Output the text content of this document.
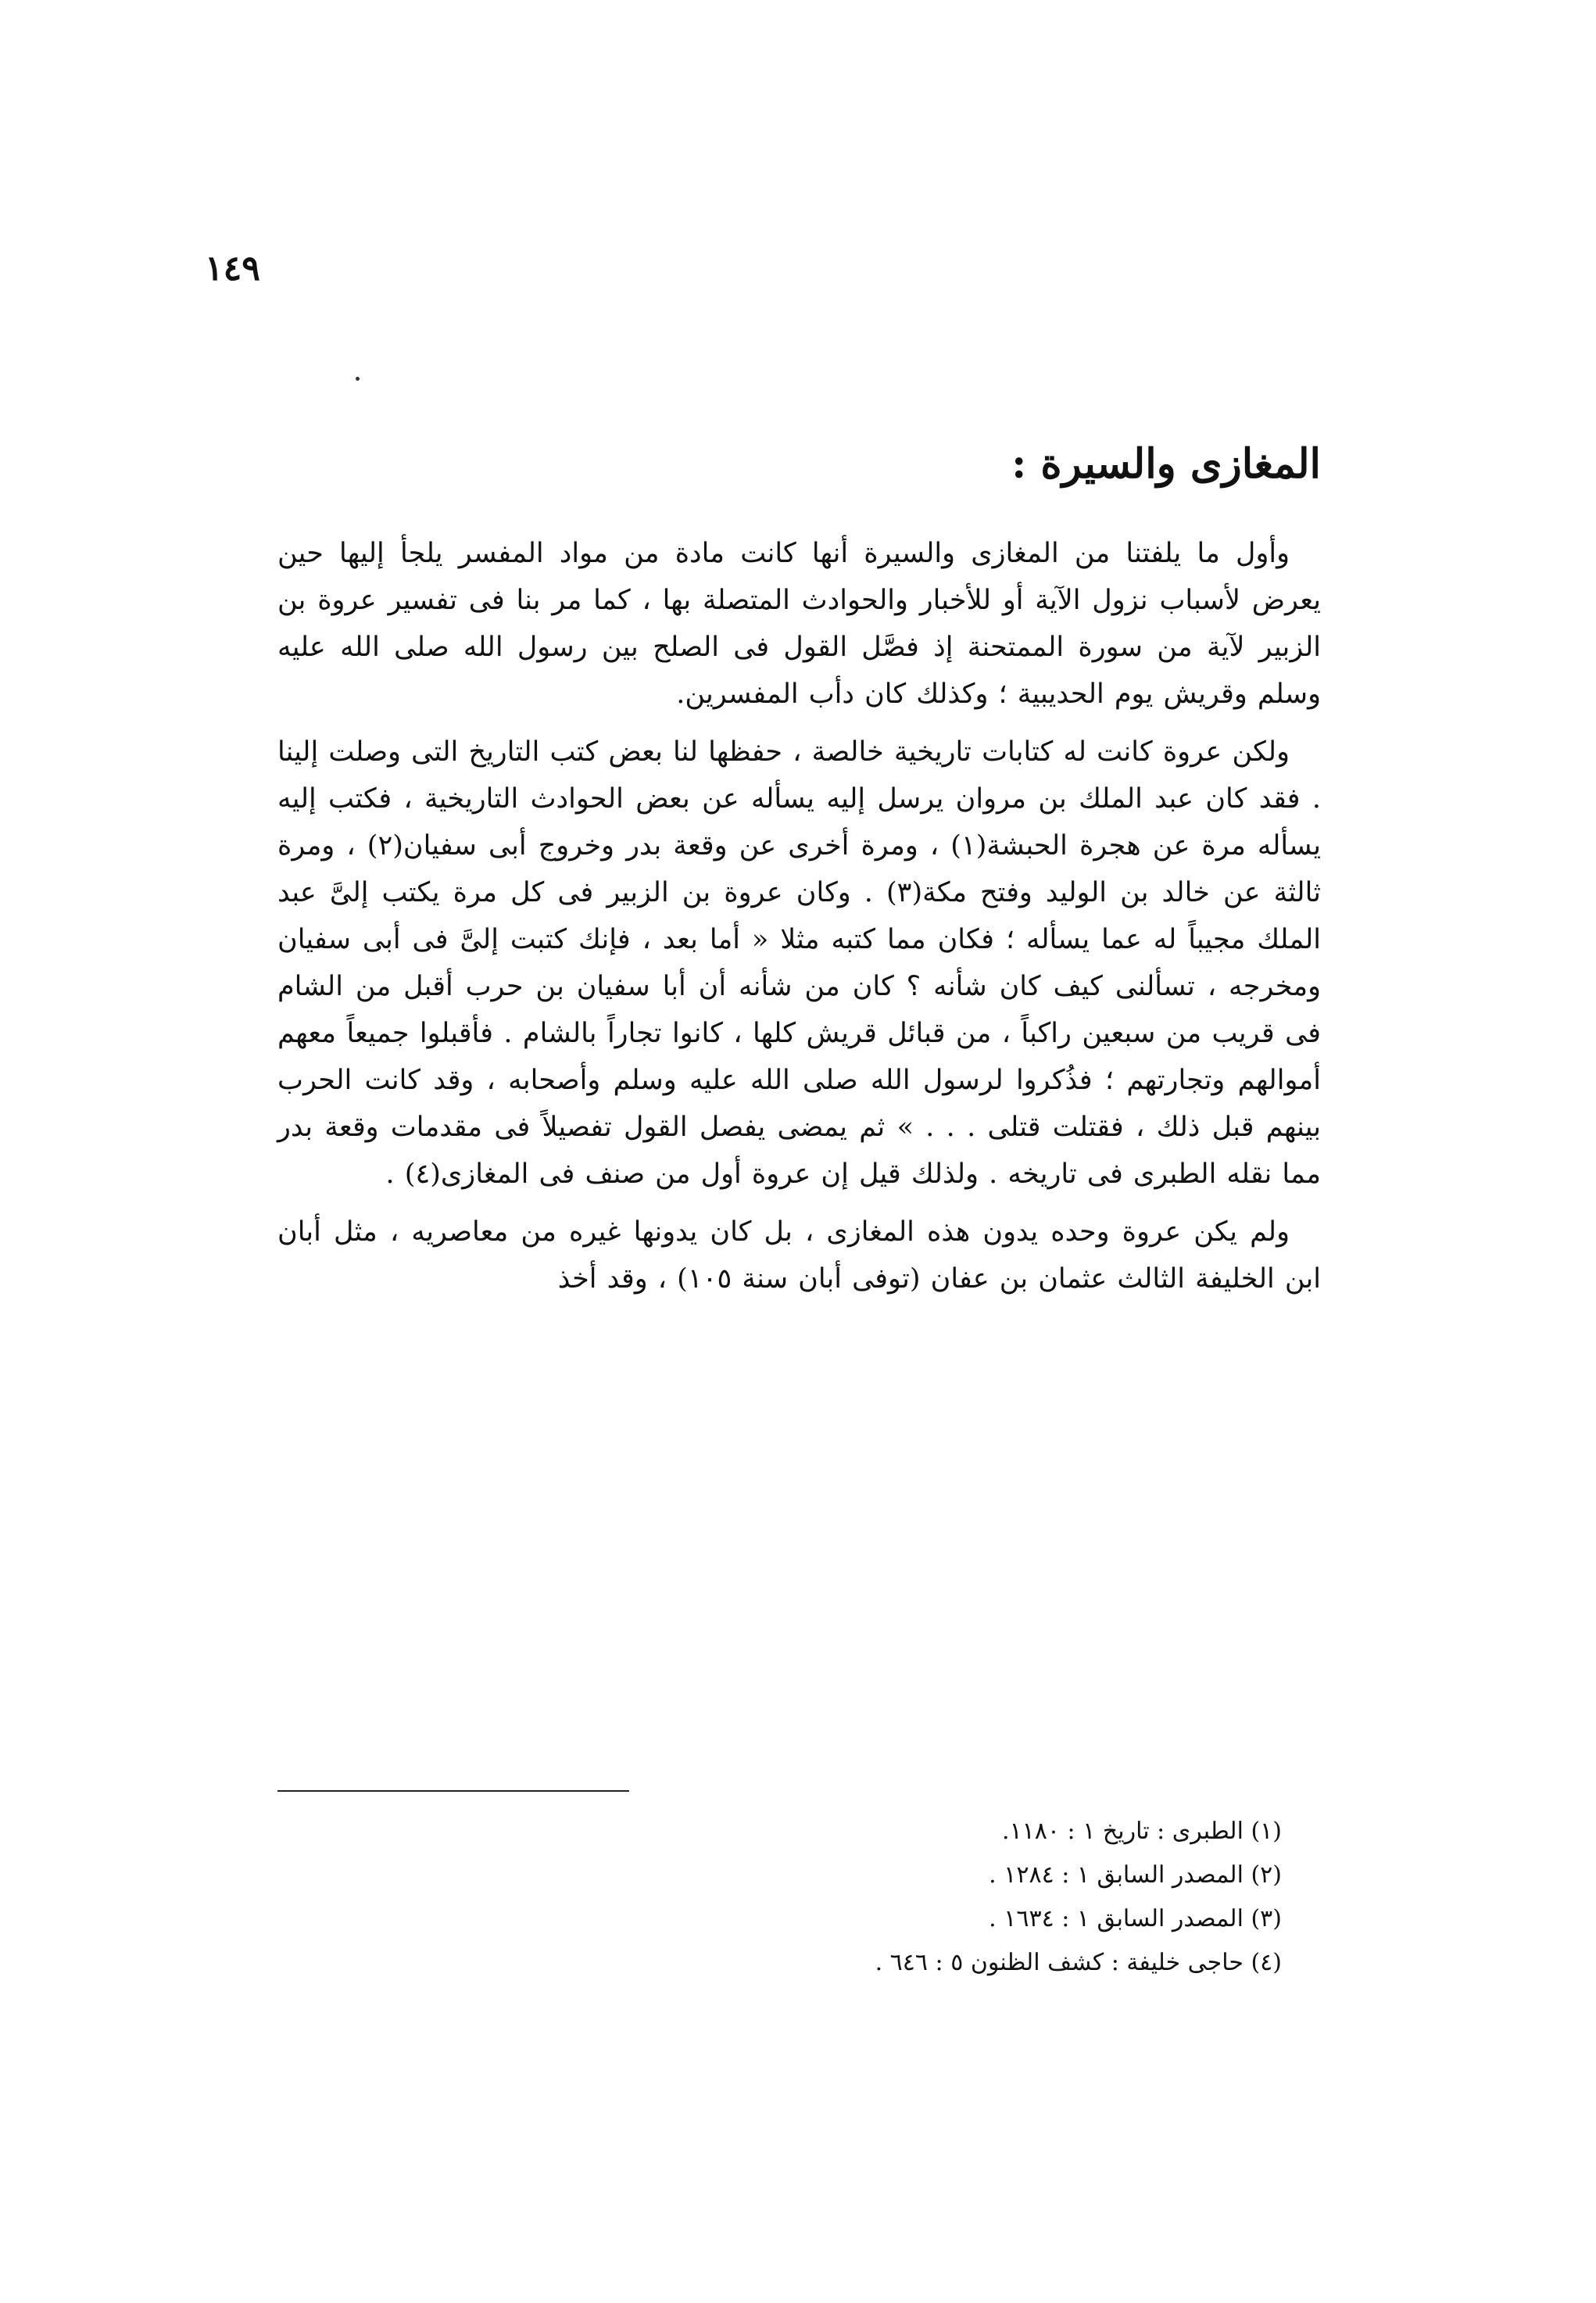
١٤٩
المغازى والسيرة :

وأول ما يلفتنا من المغازى والسيرة أنها كانت مادة من مواد المفسر يلجأ إليها حين يعرض لأسباب نزول الآية أو للأخبار والحوادث المتصلة بها ، كما مر بنا فى تفسير عروة بن الزبير لآية من سورة الممتحنة إذ فصَّل القول فى الصلح بين رسول الله صلى الله عليه وسلم وقريش يوم الحديبية ؛ وكذلك كان دأب المفسرين.

ولكن عروة كانت له كتابات تاريخية خالصة ، حفظها لنا بعض كتب التاريخ التى وصلت إلينا . فقد كان عبد الملك بن مروان يرسل إليه يسأله عن بعض الحوادث التاريخية ، فكتب إليه يسأله مرة عن هجرة الحبشة(١) ، ومرة أخرى عن وقعة بدر وخروج أبى سفيان(٢) ، ومرة ثالثة عن خالد بن الوليد وفتح مكة(٣) . وكان عروة بن الزبير فى كل مرة يكتب إلىَّ عبد الملك مجيباً له عما يسأله ؛ فكان مما كتبه مثلا « أما بعد ، فإنك كتبت إلىَّ فى أبى سفيان ومخرجه ، تسألنى كيف كان شأنه ؟ كان من شأنه أن أبا سفيان بن حرب أقبل من الشام فى قريب من سبعين راكباً ، من قبائل قريش كلها ، كانوا تجاراً بالشام . فأقبلوا جميعاً معهم أموالهم وتجارتهم ؛ فذُكروا لرسول الله صلى الله عليه وسلم وأصحابه ، وقد كانت الحرب بينهم قبل ذلك ، فقتلت قتلى . . . » ثم يمضى يفصل القول تفصيلاً فى مقدمات وقعة بدر مما نقله الطبرى فى تاريخه . ولذلك قيل إن عروة أول من صنف فى المغازى(٤) .

ولم يكن عروة وحده يدون هذه المغازى ، بل كان يدونها غيره من معاصريه ، مثل أبان ابن الخليفة الثالث عثمان بن عفان (توفى أبان سنة ١٠٥) ، وقد أخذ

(١) الطبرى : تاريخ ١ : ١١٨٠.
(٢) المصدر السابق ١ : ١٢٨٤ .
(٣) المصدر السابق ١ : ١٦٣٤ .
(٤) حاجى خليفة : كشف الظنون ٥ : ٦٤٦ .
